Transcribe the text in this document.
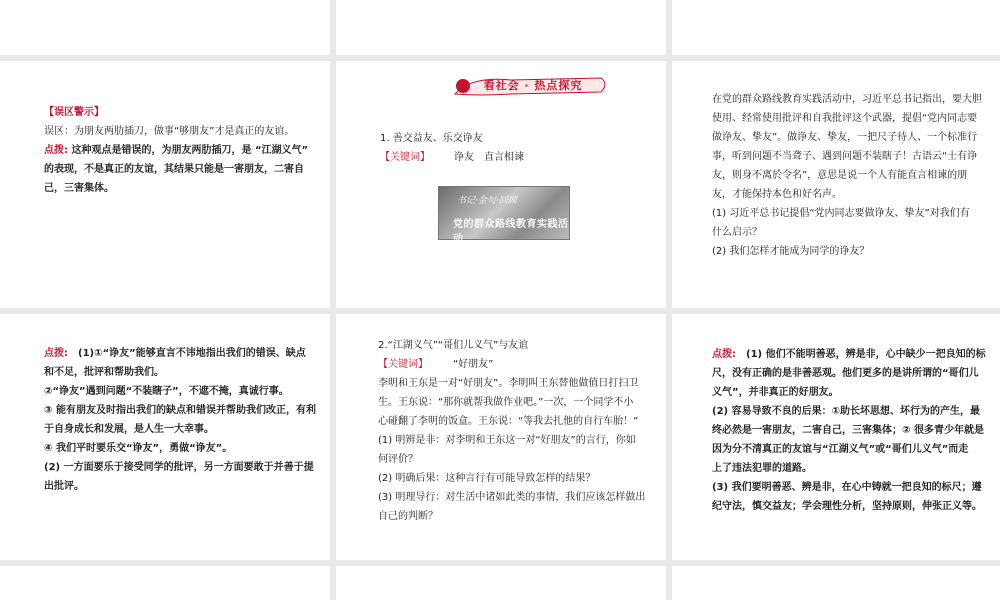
【误区警示】

误区：为朋友两肋插刀，做事“够朋友”才是真正的友谊。

点拨: 这种观点是错误的，为朋友两肋插刀，是 “江湖义气”

的表现，不是真正的友谊，其结果只能是一害朋友，二害自

己，三害集体。

看社会 · 热点探究

1. 善交益友、乐交诤友

【关键词】 诤友　直言相谏

书记·金句·回顾
党的群众路线教育实践活动

在党的群众路线教育实践活动中，习近平总书记指出，要大胆

使用、经常使用批评和自我批评这个武器，提倡“党内同志要

做诤友、挚友”。做诤友、挚友，一把尺子待人、一个标准行

事，听到问题不当聋子、遇到问题不装瞎子！古语云“士有诤

友，则身不离於令名”，意思是说一个人有能直言相谏的朋

友，才能保持本色和好名声。

(1) 习近平总书记提倡“党内同志要做诤友、挚友”对我们有

什么启示？

(2) 我们怎样才能成为同学的诤友？

点拨:　(1)①“诤友”能够直言不讳地指出我们的错误、缺点

和不足，批评和帮助我们。

②“诤友”遇到问题“不装瞎子”，不遮不掩，真诚行事。

③ 能有朋友及时指出我们的缺点和错误并帮助我们改正，有利

于自身成长和发展，是人生一大幸事。

④ 我们平时要乐交“诤友”，勇做“诤友”。

(2) 一方面要乐于接受同学的批评，另一方面要敢于并善于提

出批评。

2.“江湖义气”“哥们儿义气”与友谊

【关键词】　　　“好朋友”

李明和王东是一对“好朋友”。李明叫王东替他做值日打扫卫

生。王东说：“那你就帮我做作业吧。”一次，一个同学不小

心碰翻了李明的饭盒。王东说：“等我去扎他的自行车胎！”

(1) 明辨是非：对李明和王东这一对“好朋友”的言行，你如

何评价？

(2) 明确后果：这种言行有可能导致怎样的结果？

(3) 明理导行：对生活中诸如此类的事情，我们应该怎样做出

自己的判断？

点拨:　(1) 他们不能明善恶，辨是非，心中缺少一把良知的标

尺，没有正确的是非善恶观。他们更多的是讲所谓的“哥们儿

义气”，并非真正的好朋友。

(2) 容易导致不良的后果：①助长坏思想、坏行为的产生，最

终必然是一害朋友，二害自己，三害集体；② 很多青少年就是

因为分不清真正的友谊与“江湖义气”或“哥们儿义气”而走

上了违法犯罪的道路。

(3) 我们要明善恶、辨是非，在心中铸就一把良知的标尺；遵

纪守法，慎交益友；学会理性分析，坚持原则，伸张正义等。
